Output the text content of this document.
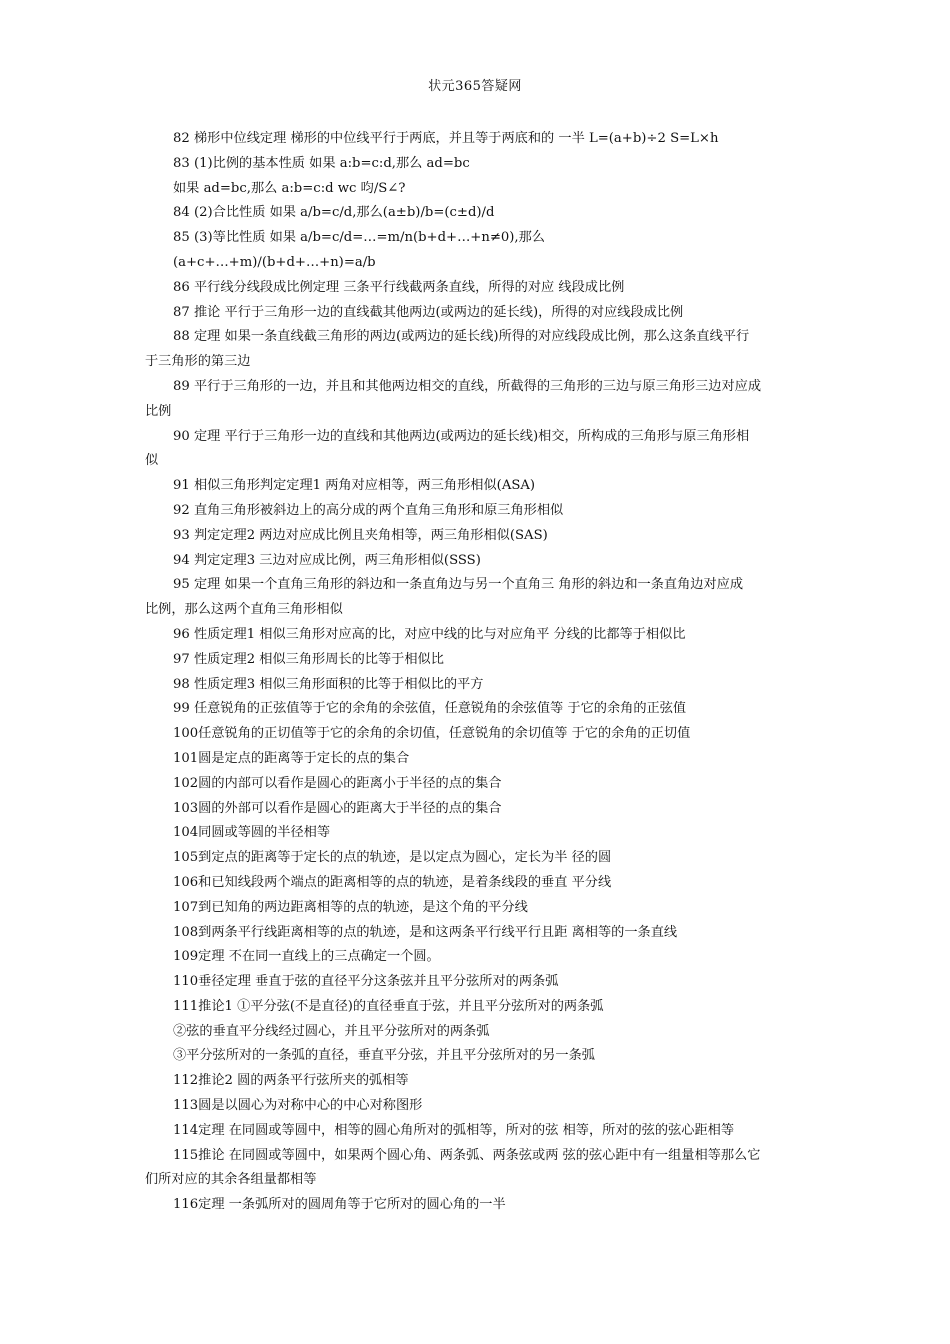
状元365答疑网
82 梯形中位线定理 梯形的中位线平行于两底，并且等于两底和的 一半 L=(a+b)÷2 S=L×h
83 (1)比例的基本性质 如果 a:b=c:d,那么 ad=bc
如果 ad=bc,那么 a:b=c:d wc 呁/S∠?
84 (2)合比性质 如果 a/b=c/d,那么(a±b)/b=(c±d)/d
85 (3)等比性质 如果 a/b=c/d=…=m/n(b+d+…+n≠0),那么
(a+c+…+m)/(b+d+…+n)=a/b
86 平行线分线段成比例定理 三条平行线截两条直线，所得的对应 线段成比例
87 推论 平行于三角形一边的直线截其他两边(或两边的延长线)，所得的对应线段成比例
88 定理 如果一条直线截三角形的两边(或两边的延长线)所得的对应线段成比例，那么这条直线平行
于三角形的第三边
89 平行于三角形的一边，并且和其他两边相交的直线，所截得的三角形的三边与原三角形三边对应成
比例
90 定理 平行于三角形一边的直线和其他两边(或两边的延长线)相交，所构成的三角形与原三角形相
似
91 相似三角形判定定理1 两角对应相等，两三角形相似(ASA)
92 直角三角形被斜边上的高分成的两个直角三角形和原三角形相似
93 判定定理2 两边对应成比例且夹角相等，两三角形相似(SAS)
94 判定定理3 三边对应成比例，两三角形相似(SSS)
95 定理 如果一个直角三角形的斜边和一条直角边与另一个直角三 角形的斜边和一条直角边对应成
比例，那么这两个直角三角形相似
96 性质定理1 相似三角形对应高的比，对应中线的比与对应角平 分线的比都等于相似比
97 性质定理2 相似三角形周长的比等于相似比
98 性质定理3 相似三角形面积的比等于相似比的平方
99 任意锐角的正弦值等于它的余角的余弦值，任意锐角的余弦值等 于它的余角的正弦值
100任意锐角的正切值等于它的余角的余切值，任意锐角的余切值等 于它的余角的正切值
101圆是定点的距离等于定长的点的集合
102圆的内部可以看作是圆心的距离小于半径的点的集合
103圆的外部可以看作是圆心的距离大于半径的点的集合
104同圆或等圆的半径相等
105到定点的距离等于定长的点的轨迹，是以定点为圆心，定长为半 径的圆
106和已知线段两个端点的距离相等的点的轨迹，是着条线段的垂直 平分线
107到已知角的两边距离相等的点的轨迹，是这个角的平分线
108到两条平行线距离相等的点的轨迹，是和这两条平行线平行且距 离相等的一条直线
109定理 不在同一直线上的三点确定一个圆。
110垂径定理 垂直于弦的直径平分这条弦并且平分弦所对的两条弧
111推论1 ①平分弦(不是直径)的直径垂直于弦，并且平分弦所对的两条弧
②弦的垂直平分线经过圆心，并且平分弦所对的两条弧
③平分弦所对的一条弧的直径，垂直平分弦，并且平分弦所对的另一条弧
112推论2 圆的两条平行弦所夹的弧相等
113圆是以圆心为对称中心的中心对称图形
114定理 在同圆或等圆中，相等的圆心角所对的弧相等，所对的弦 相等，所对的弦的弦心距相等
115推论 在同圆或等圆中，如果两个圆心角、两条弧、两条弦或两 弦的弦心距中有一组量相等那么它
们所对应的其余各组量都相等
116定理 一条弧所对的圆周角等于它所对的圆心角的一半
